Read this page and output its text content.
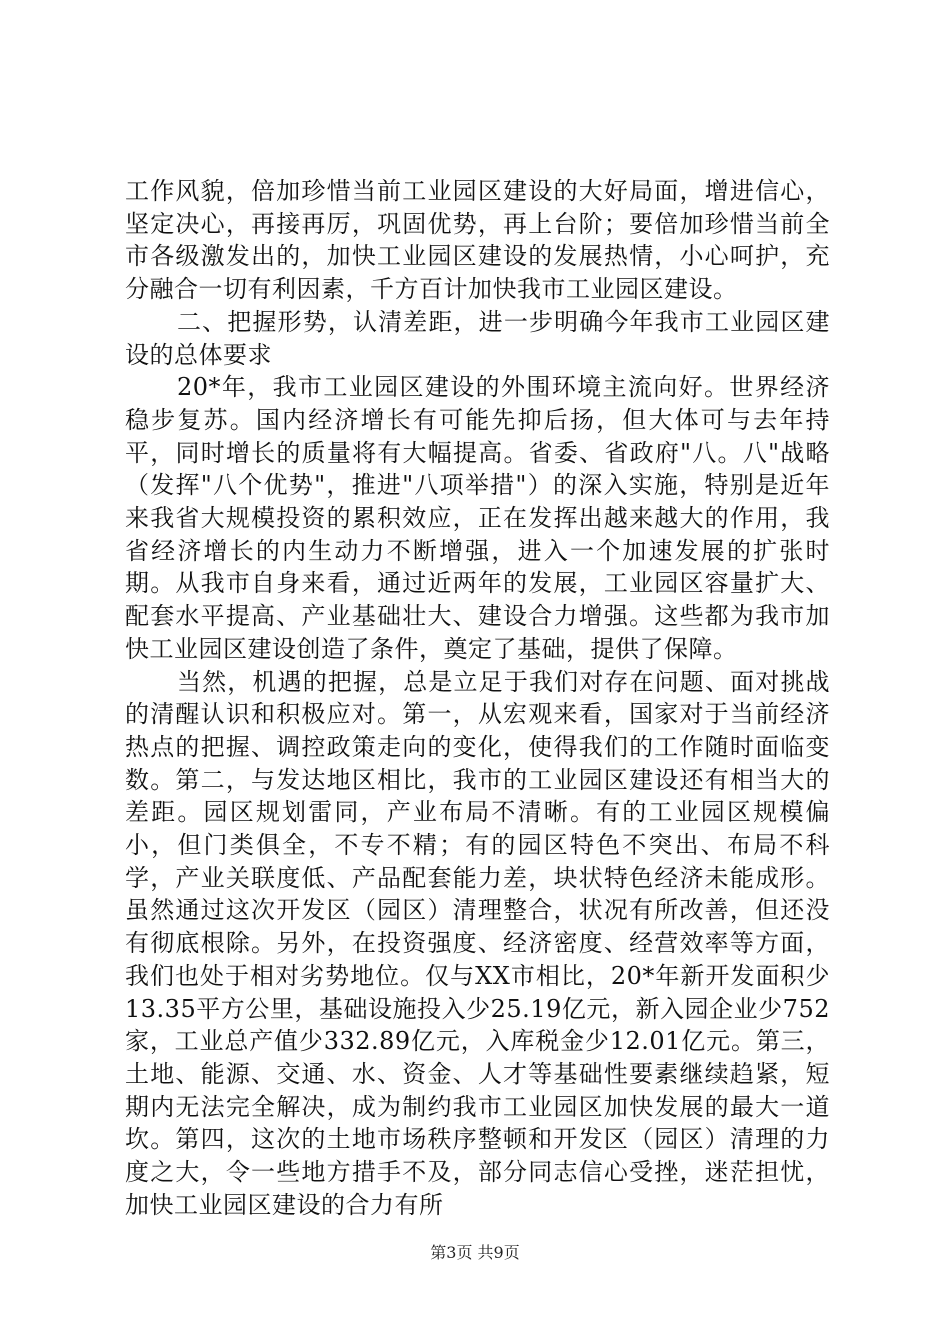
工作风貌，倍加珍惜当前工业园区建设的大好局面，增进信心，坚定决心，再接再厉，巩固优势，再上台阶；要倍加珍惜当前全市各级激发出的，加快工业园区建设的发展热情，小心呵护，充分融合一切有利因素，千方百计加快我市工业园区建设。

二、把握形势，认清差距，进一步明确今年我市工业园区建设的总体要求

20*年，我市工业园区建设的外围环境主流向好。世界经济稳步复苏。国内经济增长有可能先抑后扬，但大体可与去年持平，同时增长的质量将有大幅提高。省委、省政府"八。八"战略（发挥"八个优势"，推进"八项举措"）的深入实施，特别是近年来我省大规模投资的累积效应，正在发挥出越来越大的作用，我省经济增长的内生动力不断增强，进入一个加速发展的扩张时期。从我市自身来看，通过近两年的发展，工业园区容量扩大、配套水平提高、产业基础壮大、建设合力增强。这些都为我市加快工业园区建设创造了条件，奠定了基础，提供了保障。

当然，机遇的把握，总是立足于我们对存在问题、面对挑战的清醒认识和积极应对。第一，从宏观来看，国家对于当前经济热点的把握、调控政策走向的变化，使得我们的工作随时面临变数。第二，与发达地区相比，我市的工业园区建设还有相当大的差距。园区规划雷同，产业布局不清晰。有的工业园区规模偏小，但门类俱全，不专不精；有的园区特色不突出、布局不科学，产业关联度低、产品配套能力差，块状特色经济未能成形。虽然通过这次开发区（园区）清理整合，状况有所改善，但还没有彻底根除。另外，在投资强度、经济密度、经营效率等方面，我们也处于相对劣势地位。仅与XX市相比，20*年新开发面积少13.35平方公里，基础设施投入少25.19亿元，新入园企业少752家，工业总产值少332.89亿元，入库税金少12.01亿元。第三，土地、能源、交通、水、资金、人才等基础性要素继续趋紧，短期内无法完全解决，成为制约我市工业园区加快发展的最大一道坎。第四，这次的土地市场秩序整顿和开发区（园区）清理的力度之大，令一些地方措手不及，部分同志信心受挫，迷茫担忧，加快工业园区建设的合力有所

第3页 共9页
